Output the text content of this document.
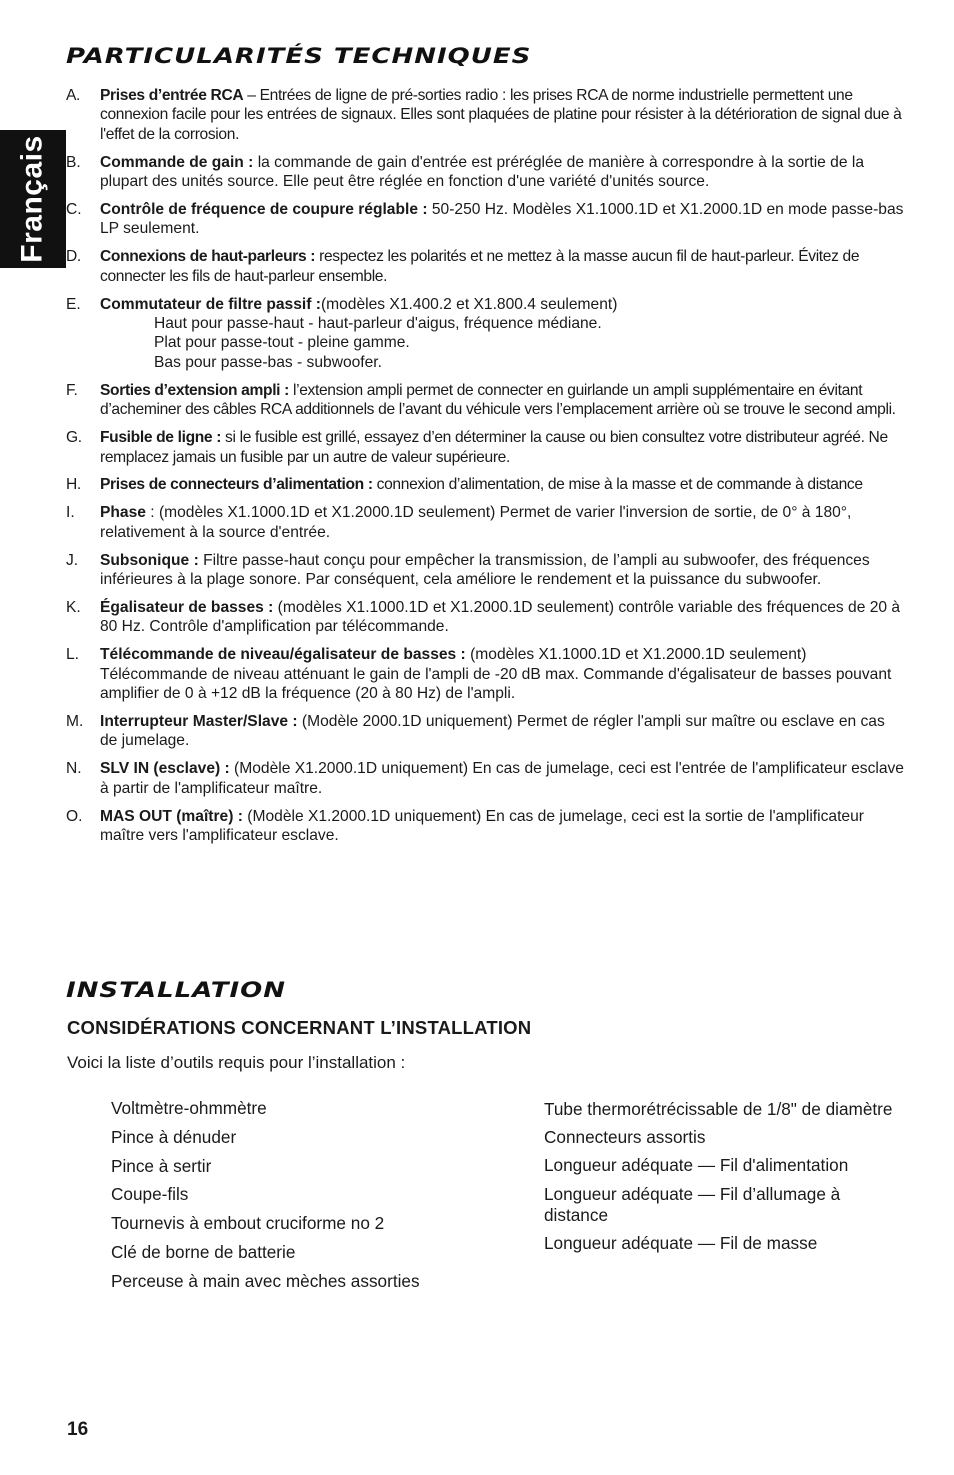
Français
PARTICULARITÉS TECHNIQUES
A.	Prises d’entrée RCA – Entrées de ligne de pré-sorties radio : les prises RCA de norme industrielle permettent une connexion facile pour les entrées de signaux. Elles sont plaquées de platine pour résister à la détérioration de signal due à l'effet de la corrosion.
B.	Commande de gain : la commande de gain d'entrée est préréglée de manière à correspondre à la sortie de la plupart des unités source. Elle peut être réglée en fonction d'une variété d'unités source.
C.	Contrôle de fréquence de coupure réglable : 50-250 Hz. Modèles X1.1000.1D et X1.2000.1D en mode passe-bas LP seulement.
D.	Connexions de haut-parleurs : respectez les polarités et ne mettez à la masse aucun fil de haut-parleur. Évitez de connecter les fils de haut-parleur ensemble.
E.	Commutateur de filtre passif :(modèles X1.400.2 et X1.800.4 seulement)
Haut pour passe-haut - haut-parleur d'aigus, fréquence médiane.
Plat pour passe-tout - pleine gamme.
Bas pour passe-bas - subwoofer.
F.	Sorties d’extension ampli : l’extension ampli permet de connecter en guirlande un ampli supplémentaire en évitant d’acheminer des câbles RCA additionnels de l’avant du véhicule vers l’emplacement arrière où se trouve le second ampli.
G.	Fusible de ligne : si le fusible est grillé, essayez d’en déterminer la cause ou bien consultez votre distributeur agréé. Ne remplacez jamais un fusible par un autre de valeur supérieure.
H.	Prises de connecteurs d’alimentation : connexion d’alimentation, de mise à la masse et de commande à distance
I.	Phase : (modèles X1.1000.1D et X1.2000.1D seulement) Permet de varier l'inversion de sortie, de 0° à 180°, relativement à la source d'entrée.
J.	Subsonique : Filtre passe-haut conçu pour empêcher la transmission, de l’ampli au subwoofer, des fréquences inférieures à la plage sonore. Par conséquent, cela améliore le rendement et la puissance du subwoofer.
K.	Égalisateur de basses : (modèles X1.1000.1D et X1.2000.1D seulement) contrôle variable des fréquences de 20 à 80 Hz. Contrôle d'amplification par télécommande.
L.	Télécommande de niveau/égalisateur de basses : (modèles X1.1000.1D et X1.2000.1D seulement) Télécommande de niveau atténuant le gain de l'ampli de -20 dB max. Commande d'égalisateur de basses pouvant amplifier de 0 à +12 dB la fréquence (20 à 80 Hz) de l'ampli.
M.	Interrupteur Master/Slave : (Modèle 2000.1D uniquement) Permet de régler l'ampli sur maître ou esclave en cas de jumelage.
N.	SLV IN (esclave) : (Modèle X1.2000.1D uniquement) En cas de jumelage, ceci est l'entrée de l'amplificateur esclave à partir de l'amplificateur maître.
O.	MAS OUT (maître) : (Modèle X1.2000.1D uniquement) En cas de jumelage, ceci est la sortie de l'amplificateur maître vers l'amplificateur esclave.
INSTALLATION
CONSIDÉRATIONS CONCERNANT L’INSTALLATION

Voici la liste d’outils requis pour l’installation :

Voltmètre-ohmmètre
Pince à dénuder
Pince à sertir
Coupe-fils
Tournevis à embout cruciforme no 2
Clé de borne de batterie
Perceuse à main avec mèches assorties
Tube thermorétrécissable de 1/8" de diamètre
Connecteurs assortis
Longueur adéquate — Fil d'alimentation
Longueur adéquate — Fil d’allumage à distance
Longueur adéquate — Fil de masse
16
